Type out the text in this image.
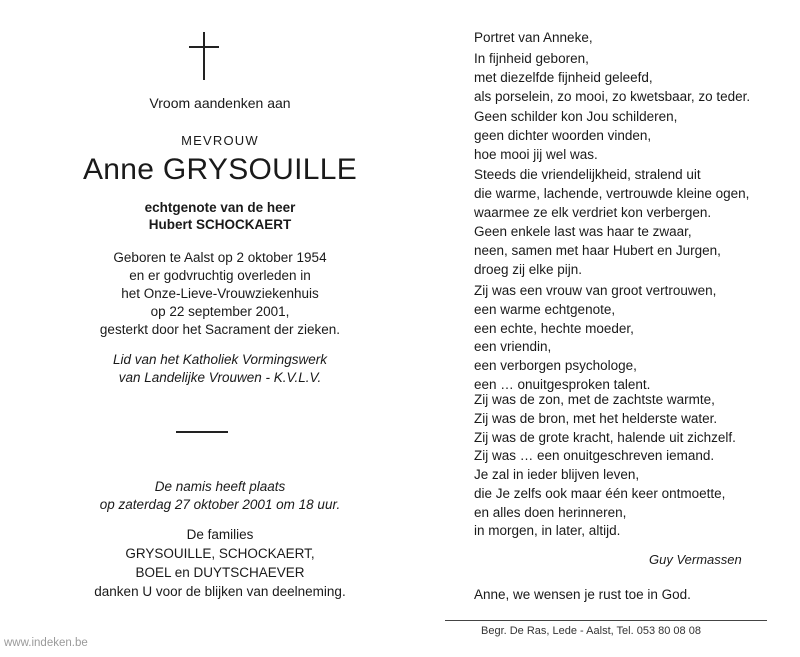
Vroom aandenken aan
MEVROUW
Anne GRYSOUILLE
echtgenote van de heer
Hubert SCHOCKAERT
Geboren te Aalst op 2 oktober 1954
en er godvruchtig overleden in
het Onze-Lieve-Vrouwziekenhuis
op 22 september 2001,
gesterkt door het Sacrament der zieken.
Lid van het Katholiek Vormingswerk
van Landelijke Vrouwen - K.V.L.V.
De namis heeft plaats
op zaterdag 27 oktober 2001 om 18 uur.
De families
GRYSOUILLE, SCHOCKAERT,
BOEL en DUYTSCHAEVER
danken U voor de blijken van deelneming.
Portret van Anneke,
In fijnheid geboren,
met diezelfde fijnheid geleefd,
als porselein, zo mooi, zo kwetsbaar, zo teder.
Geen schilder kon Jou schilderen,
geen dichter woorden vinden,
hoe mooi jij wel was.
Steeds die vriendelijkheid, stralend uit
die warme, lachende, vertrouwde kleine ogen,
waarmee ze elk verdriet kon verbergen.
Geen enkele last was haar te zwaar,
neen, samen met haar Hubert en Jurgen,
droeg zij elke pijn.
Zij was een vrouw van groot vertrouwen,
een warme echtgenote,
een echte, hechte moeder,
een vriendin,
een verborgen psychologe,
een … onuitgesproken talent.
Zij was de zon, met de zachtste warmte,
Zij was de bron, met het helderste water.
Zij was de grote kracht, halende uit zichzelf.
Zij was … een onuitgeschreven iemand.
Je zal in ieder blijven leven,
die Je zelfs ook maar één keer ontmoette,
en alles doen herinneren,
in morgen, in later, altijd.
Guy Vermassen
Anne, we wensen je rust toe in God.
Begr. De Ras, Lede - Aalst, Tel. 053 80 08 08
www.indeken.be
